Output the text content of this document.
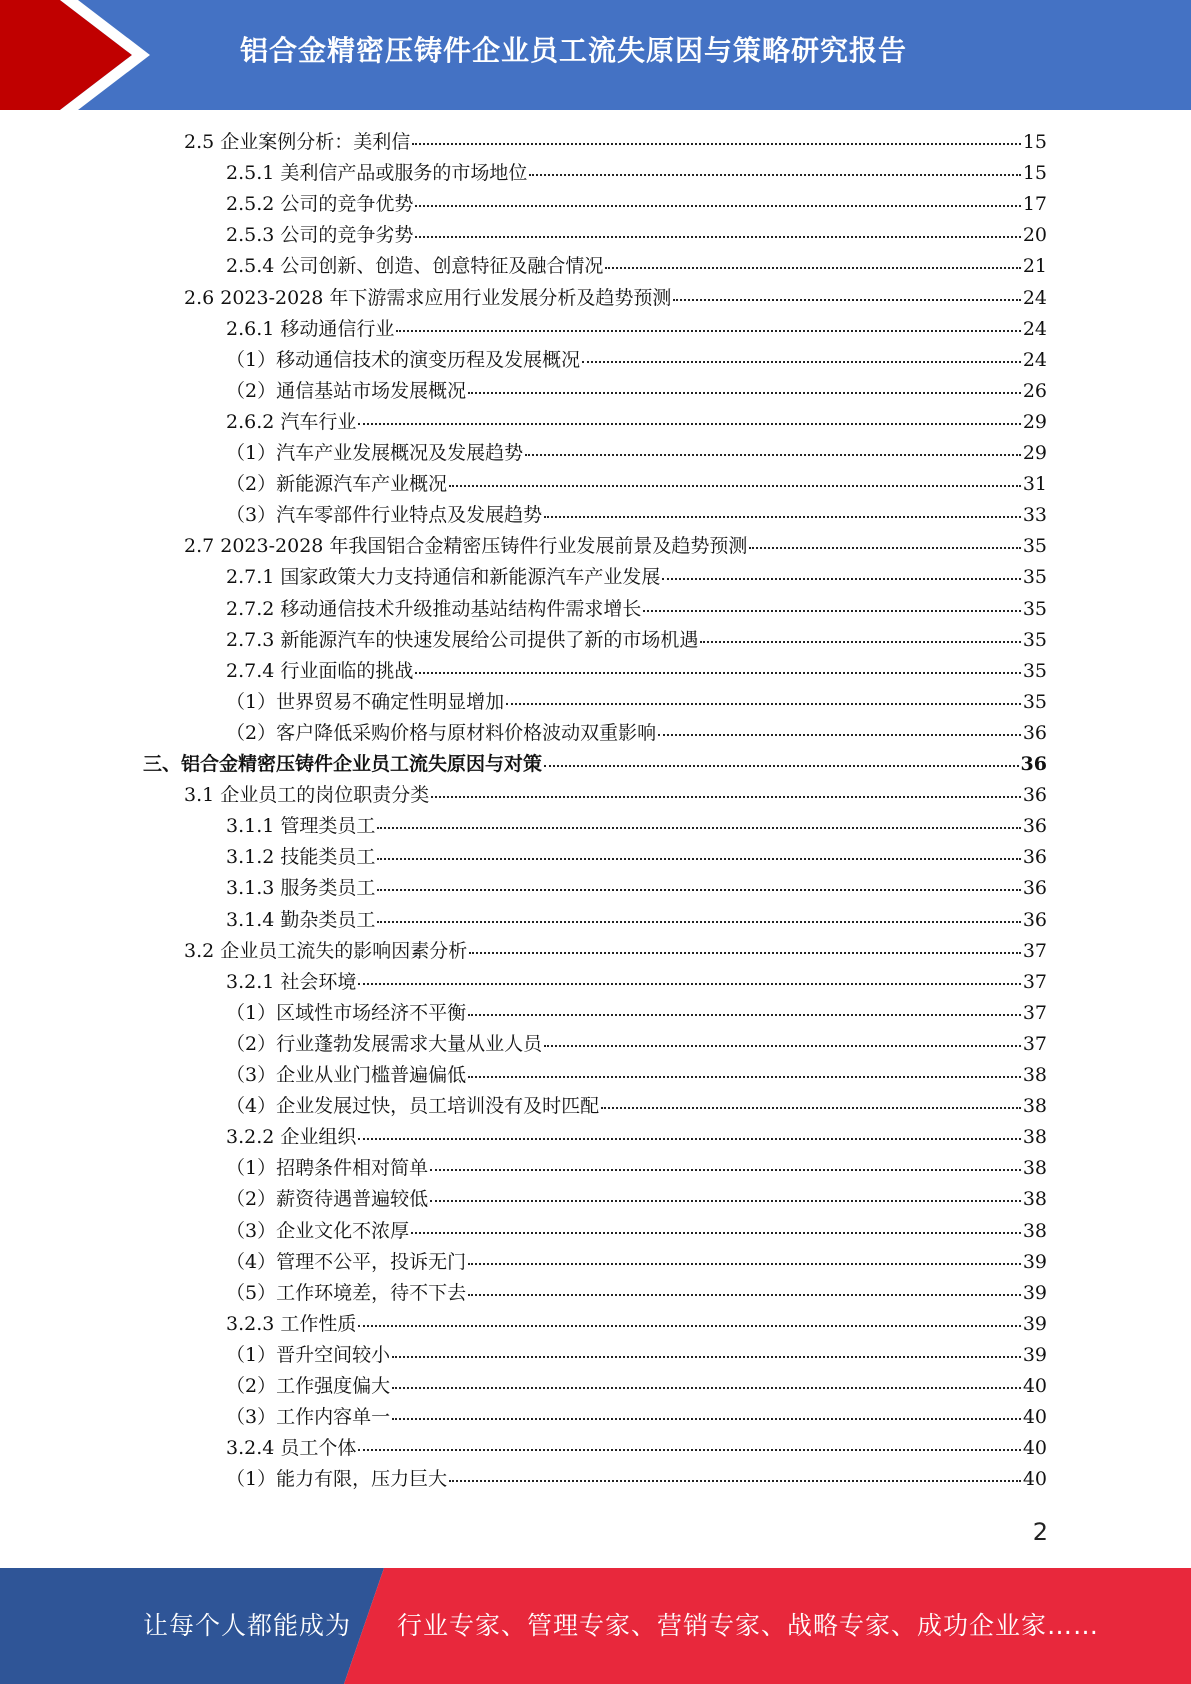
铝合金精密压铸件企业员工流失原因与策略研究报告
2.5 企业案例分析：美利信	15
2.5.1 美利信产品或服务的市场地位	15
2.5.2 公司的竞争优势	17
2.5.3 公司的竞争劣势	20
2.5.4 公司创新、创造、创意特征及融合情况	21
2.6 2023-2028 年下游需求应用行业发展分析及趋势预测	24
2.6.1 移动通信行业	24
（1）移动通信技术的演变历程及发展概况	24
（2）通信基站市场发展概况	26
2.6.2 汽车行业	29
（1）汽车产业发展概况及发展趋势	29
（2）新能源汽车产业概况	31
（3）汽车零部件行业特点及发展趋势	33
2.7 2023-2028 年我国铝合金精密压铸件行业发展前景及趋势预测	35
2.7.1 国家政策大力支持通信和新能源汽车产业发展	35
2.7.2 移动通信技术升级推动基站结构件需求增长	35
2.7.3 新能源汽车的快速发展给公司提供了新的市场机遇	35
2.7.4 行业面临的挑战	35
（1）世界贸易不确定性明显增加	35
（2）客户降低采购价格与原材料价格波动双重影响	36
三、铝合金精密压铸件企业员工流失原因与对策	36
3.1 企业员工的岗位职责分类	36
3.1.1 管理类员工	36
3.1.2 技能类员工	36
3.1.3 服务类员工	36
3.1.4 勤杂类员工	36
3.2 企业员工流失的影响因素分析	37
3.2.1 社会环境	37
（1）区域性市场经济不平衡	37
（2）行业蓬勃发展需求大量从业人员	37
（3）企业从业门槛普遍偏低	38
（4）企业发展过快，员工培训没有及时匹配	38
3.2.2 企业组织	38
（1）招聘条件相对简单	38
（2）薪资待遇普遍较低	38
（3）企业文化不浓厚	38
（4）管理不公平，投诉无门	39
（5）工作环境差，待不下去	39
3.2.3 工作性质	39
（1）晋升空间较小	39
（2）工作强度偏大	40
（3）工作内容单一	40
3.2.4 员工个体	40
（1）能力有限，压力巨大	40
2
让每个人都能成为 行业专家、管理专家、营销专家、战略专家、成功企业家……
